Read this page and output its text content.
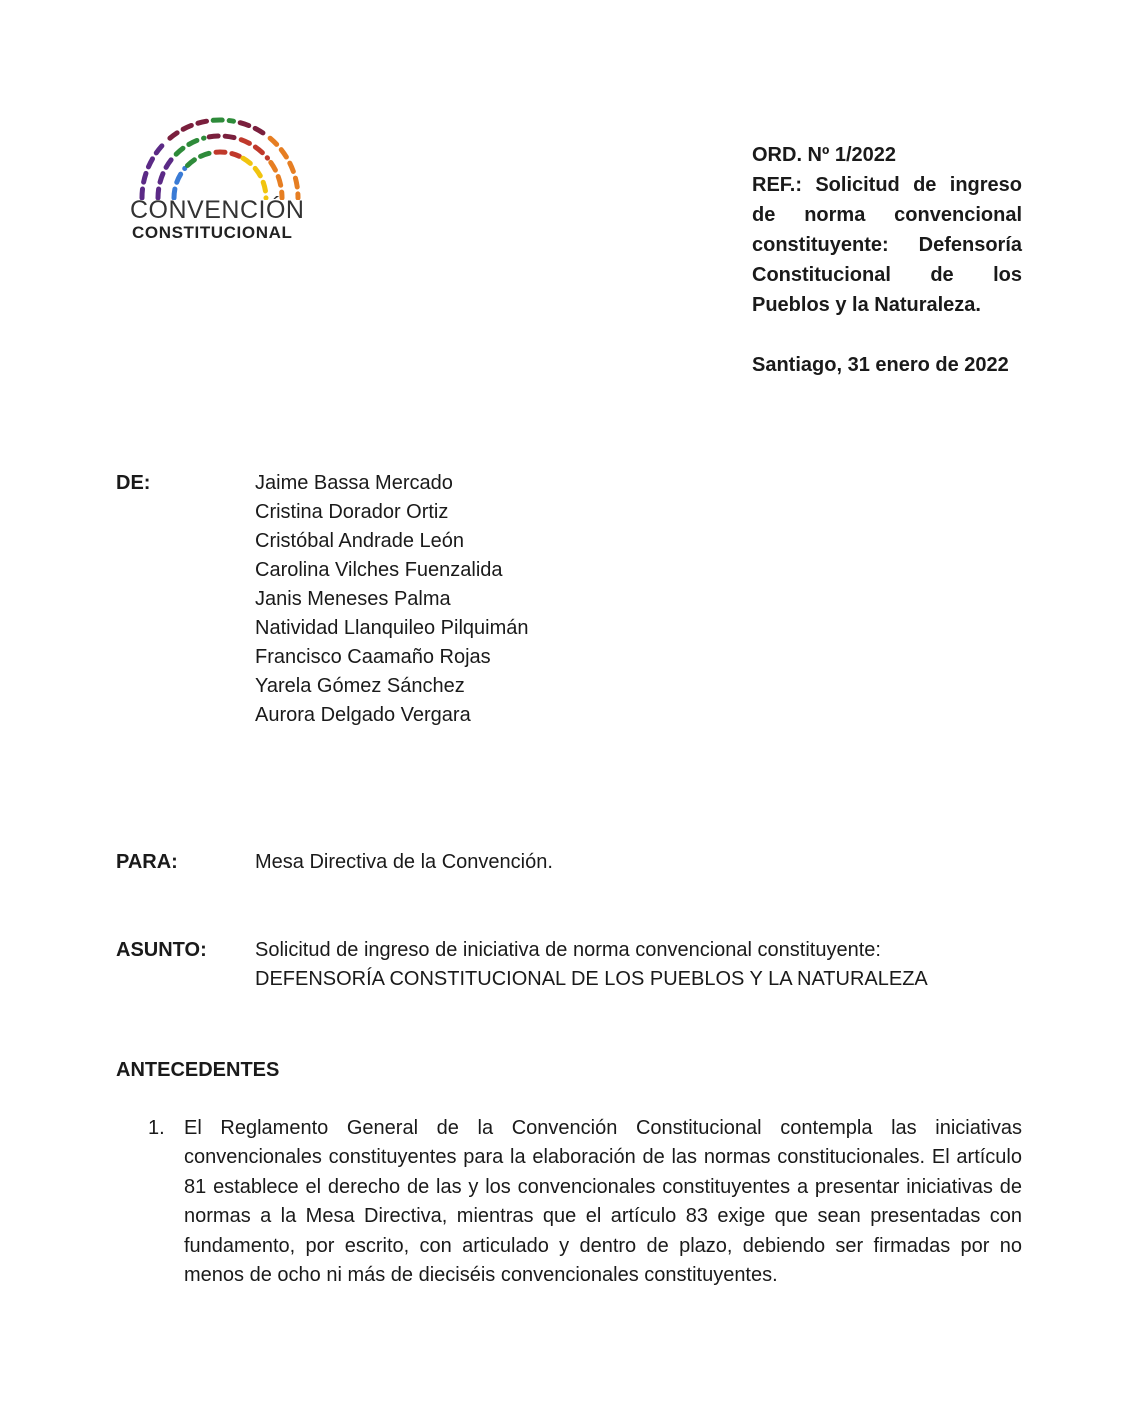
CONVENCIÓN
CONSTITUCIONAL
ORD. Nº 1/2022
REF.: Solicitud de ingreso de norma convencional constituyente: Defensoría Constitucional de los Pueblos y la Naturaleza.
Santiago, 31 enero de 2022
DE:	Jaime Bassa Mercado
Cristina Dorador Ortiz
Cristóbal Andrade León
Carolina Vilches Fuenzalida
Janis Meneses Palma
Natividad Llanquileo Pilquimán
Francisco Caamaño Rojas
Yarela Gómez Sánchez
Aurora Delgado Vergara
PARA:	Mesa Directiva de la Convención.
ASUNTO: Solicitud de ingreso de iniciativa de norma convencional constituyente:
DEFENSORÍA CONSTITUCIONAL DE LOS PUEBLOS Y LA NATURALEZA
ANTECEDENTES
1. El Reglamento General de la Convención Constitucional contempla las iniciativas convencionales constituyentes para la elaboración de las normas constitucionales. El artículo 81 establece el derecho de las y los convencionales constituyentes a presentar iniciativas de normas a la Mesa Directiva, mientras que el artículo 83 exige que sean presentadas con fundamento, por escrito, con articulado y dentro de plazo, debiendo ser firmadas por no menos de ocho ni más de dieciséis convencionales constituyentes.
